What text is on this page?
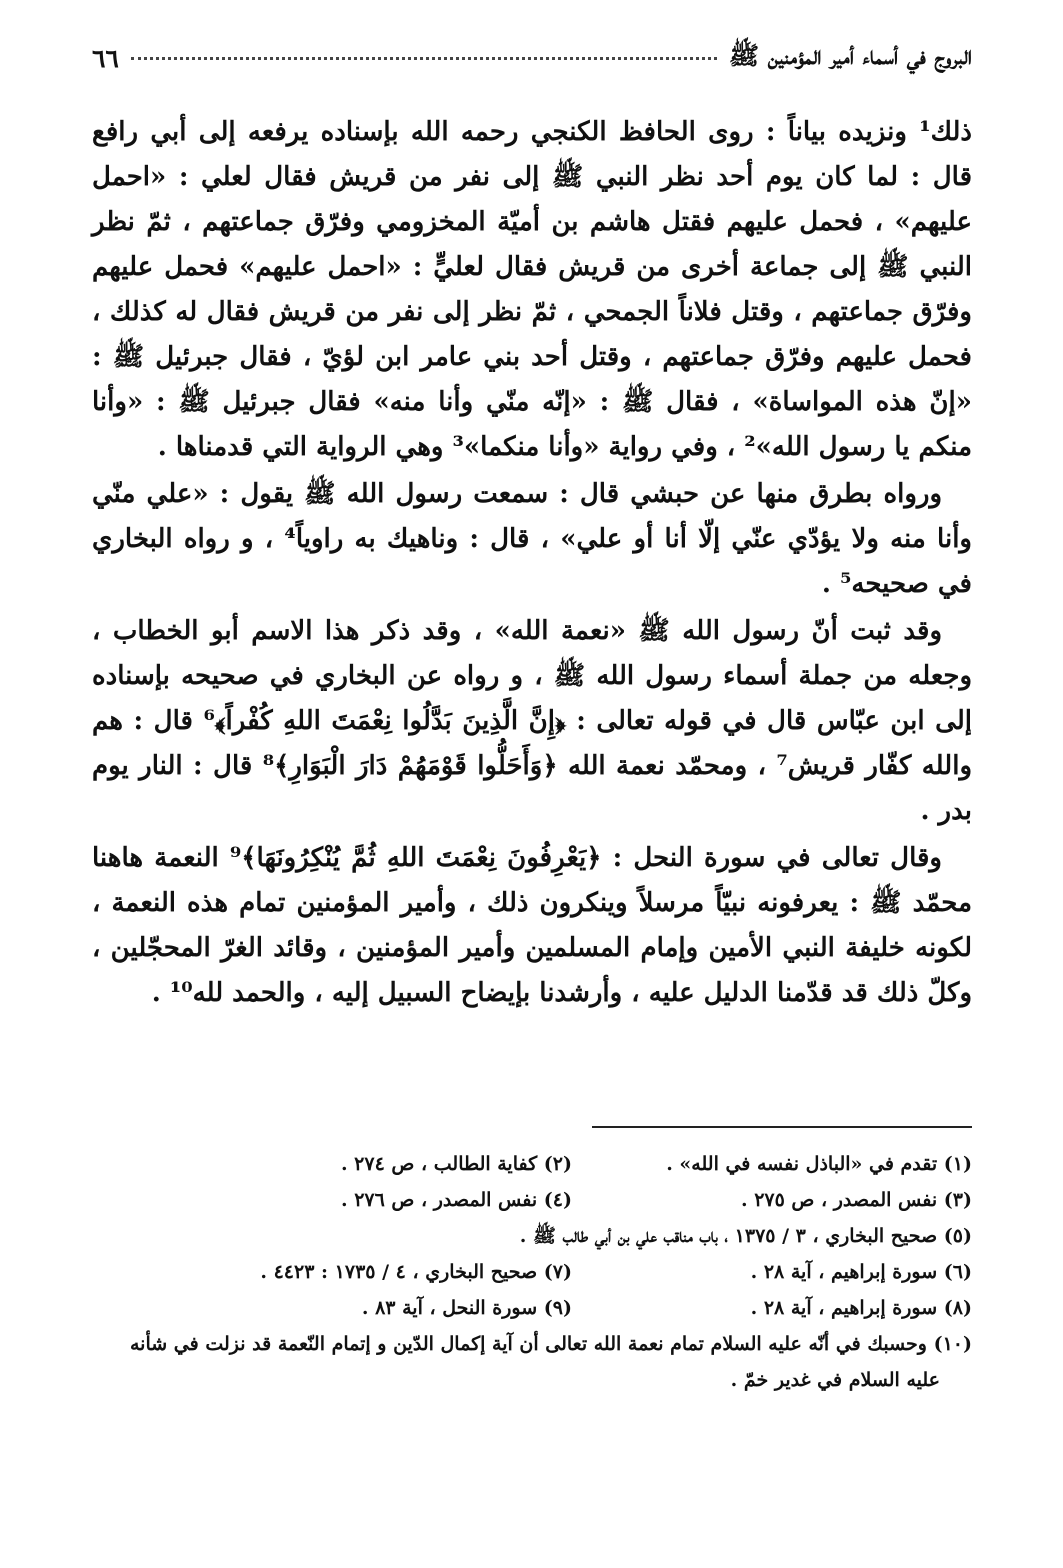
البروج في أسماء أمير المؤمنين ﷺ
٦٦

ذلك¹ ونزيده بياناً : روى الحافظ الكنجي رحمه الله بإسناده يرفعه إلى أبي رافع قال : لما كان يوم أحد نظر النبي ﷺ إلى نفر من قريش فقال لعلي : «احمل عليهم» ، فحمل عليهم فقتل هاشم بن أميّة المخزومي وفرّق جماعتهم ، ثمّ نظر النبي ﷺ إلى جماعة أخرى من قريش فقال لعليٍّ : «احمل عليهم» فحمل عليهم وفرّق جماعتهم ، وقتل فلاناً الجمحي ، ثمّ نظر إلى نفر من قريش فقال له كذلك ، فحمل عليهم وفرّق جماعتهم ، وقتل أحد بني عامر ابن لؤيّ ، فقال جبرئيل ﷺ : «إنّ هذه المواساة» ، فقال ﷺ : «إنّه منّي وأنا منه» فقال جبرئيل ﷺ : «وأنا منكم يا رسول الله»² ، وفي رواية «وأنا منكما»³ وهي الرواية التي قدمناها .

ورواه بطرق منها عن حبشي قال : سمعت رسول الله ﷺ يقول : «علي منّي وأنا منه ولا يؤدّي عنّي إلّا أنا أو علي» ، قال : وناهيك به راوياً⁴ ، و رواه البخاري في صحيحه⁵ .

وقد ثبت أنّ رسول الله ﷺ «نعمة الله» ، وقد ذكر هذا الاسم أبو الخطاب ، وجعله من جملة أسماء رسول الله ﷺ ، و رواه عن البخاري في صحيحه بإسناده إلى ابن عبّاس قال في قوله تعالى : ﴿إِنَّ الَّذِينَ بَدَّلُوا نِعْمَتَ اللهِ كُفْراً﴾⁶ قال : هم والله كفّار قريش⁷ ، ومحمّد نعمة الله ﴿وَأَحَلُّوا قَوْمَهُمْ دَارَ الْبَوَارِ﴾⁸ قال : النار يوم بدر .

وقال تعالى في سورة النحل : ﴿يَعْرِفُونَ نِعْمَتَ اللهِ ثُمَّ يُنْكِرُونَهَا﴾⁹ النعمة هاهنا محمّد ﷺ : يعرفونه نبيّاً مرسلاً وينكرون ذلك ، وأمير المؤمنين تمام هذه النعمة ، لكونه خليفة النبي الأمين وإمام المسلمين وأمير المؤمنين ، وقائد الغرّ المحجّلين ، وكلّ ذلك قد قدّمنا الدليل عليه ، وأرشدنا بإيضاح السبيل إليه ، والحمد لله¹⁰ .

(١) تقدم في «الباذل نفسه في الله» .
(٢) كفاية الطالب ، ص ٢٧٤ .
(٣) نفس المصدر ، ص ٢٧٥ .
(٤) نفس المصدر ، ص ٢٧٦ .
(٥) صحيح البخاري ، ٣ / ١٣٧٥ ، باب مناقب علي بن أبي طالب ﷺ .
(٦) سورة إبراهيم ، آية ٢٨ .
(٧) صحيح البخاري ، ٤ / ١٧٣٥ : ٤٤٢٣ .
(٨) سورة إبراهيم ، آية ٢٨ .
(٩) سورة النحل ، آية ٨٣ .
(١٠) وحسبك في أنّه عليه السلام تمام نعمة الله تعالى أن آية إكمال الدّين و إتمام النّعمة قد نزلت في شأنه
عليه السلام في غدير خمّ .
